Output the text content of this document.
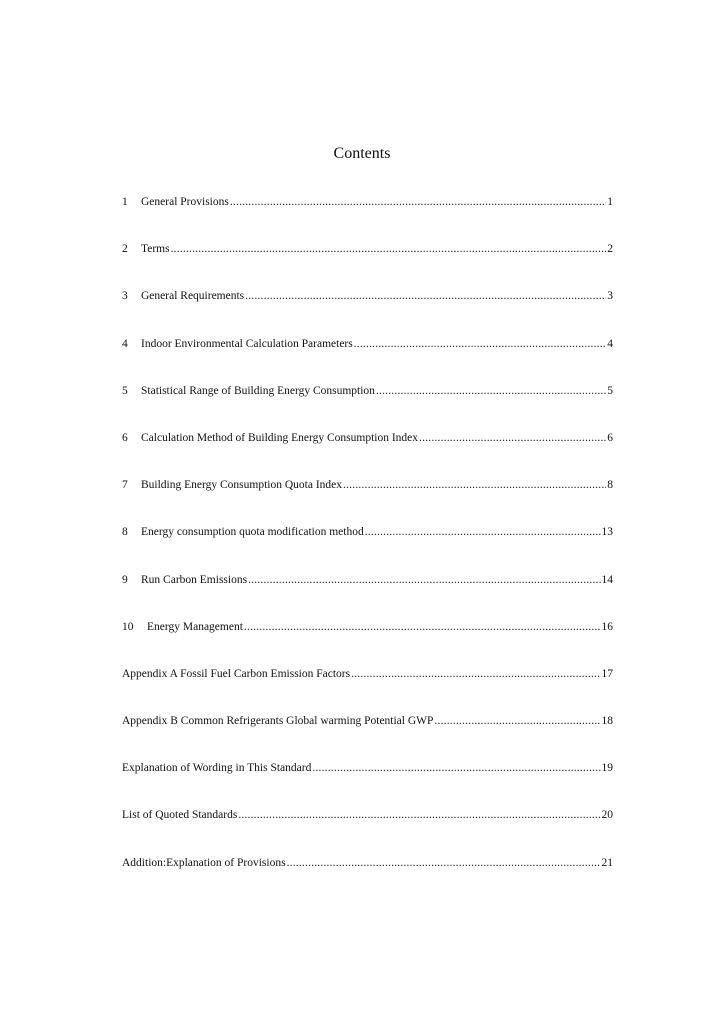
Contents
1	General Provisions .....	1
2	Terms .....	2
3	General Requirements .....	3
4	Indoor Environmental Calculation Parameters .....	4
5	Statistical Range of Building Energy Consumption .....	5
6	Calculation Method of Building Energy Consumption Index .....	6
7	Building Energy Consumption Quota Index .....	8
8	Energy consumption quota modification method .....	13
9	Run Carbon Emissions .....	14
10	Energy Management .....	16
Appendix A Fossil Fuel Carbon Emission Factors .....	17
Appendix B Common Refrigerants Global warming Potential GWP .....	18
Explanation of Wording in This Standard .....	19
List of Quoted Standards .....	20
Addition:Explanation of Provisions .....	21
